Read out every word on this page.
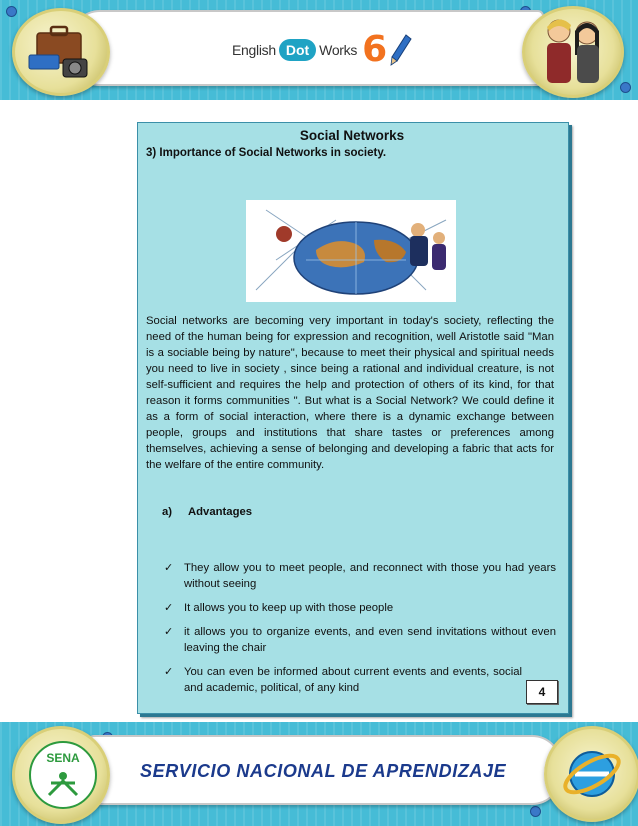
English Dot Works 6

Social Networks

3) Importance of Social Networks in society.

Social networks are becoming very important in today's society, reflecting the need of the human being for expression and recognition, well Aristotle said "Man is a sociable being by nature", because to meet their physical and spiritual needs you need to live in society , since being a rational and individual creature, is not self-sufficient and requires the help and protection of others of its kind, for that reason it forms communities ". But what is a Social Network? We could define it as a form of social interaction, where there is a dynamic exchange between people, groups and institutions that share tastes or preferences among themselves, achieving a sense of belonging and developing a fabric that acts for the welfare of the entire community.

a) Advantages
✓ They allow you to meet people, and reconnect with those you had years without seeing
✓ It allows you to keep up with those people
✓ it allows you to organize events, and even send invitations without even leaving the chair
✓ You can even be informed about current events and events, social and academic, political, of any kind	4
SENA
SERVICIO NACIONAL DE APRENDIZAJE
